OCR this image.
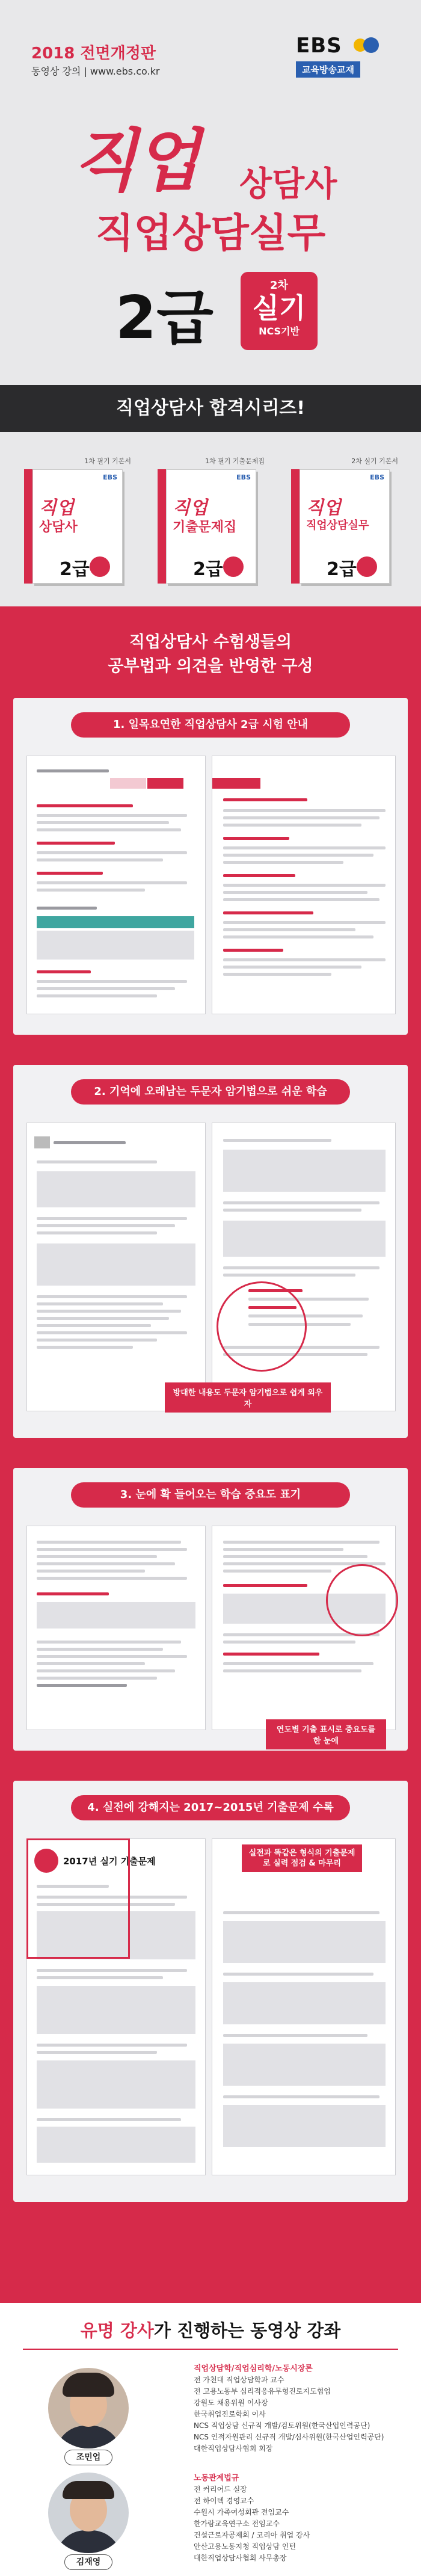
2018 전면개정판
동영상 강의 | www.ebs.co.kr
EBS
교육방송교재
직업 상담사
직업상담실무
2급	2차
실기
NCS기반
직업상담사 합격시리즈!
1차 필기 기본서
EBS
직업
상담사
2급
1차 필기 기출문제집
EBS
직업
기출문제집
2급
2차 실기 기본서
EBS
직업
직업상담실무
2급
직업상담사 수험생들의
공부법과 의견을 반영한 구성
1. 일목요연한 직업상담사 2급 시험 안내
2. 기억에 오래남는 두문자 암기법으로 쉬운 학습
방대한 내용도 두문자 암기법으로 쉽게 외우자
3. 눈에 확 들어오는 학습 중요도 표기
연도별 기출 표시로 중요도를 한 눈에
4. 실전에 강해지는 2017~2015년 기출문제 수록
2017년 실기 기출문제
실전과 똑같은 형식의 기출문제로 실력 점검 & 마무리
유명 강사가 진행하는 동영상 강좌
조민업
직업상담학/직업심리학/노동시장론
전 가천대 직업상담학과 교수
전 고용노동부 심리적응유무형진로지도협업
강원도 채용위원 이사장
한국취업진로학회 이사
NCS 직업상담 신규직 개발/검토위원(한국산업인력공단)
NCS 인적자원관리 신규직 개발/심사위원(한국산업인력공단)
대한직업상담사협회 회장
김재영
노동관계법규
전 커리어드 실장
전 하이텍 경영교수
수원시 가족여성회관 전임교수
한가람교육연구소 전임교수
건설근로자공제회 / 코리아 취업 강사
안산고용노동지청 직업상담 인턴
대한직업상담사협회 사무총장
